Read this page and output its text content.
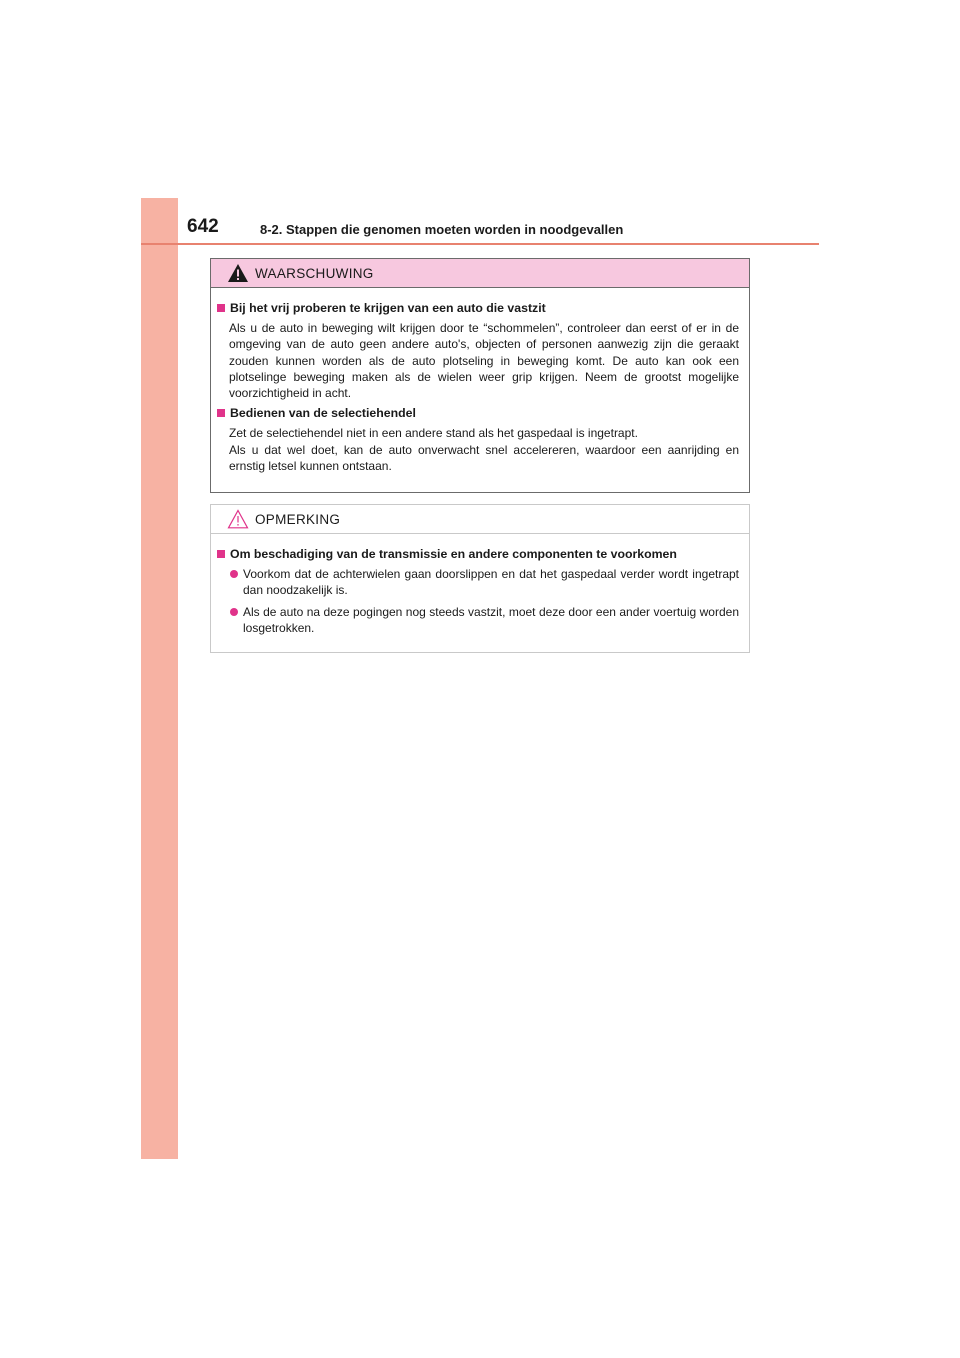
642	8-2. Stappen die genomen moeten worden in noodgevallen
WAARSCHUWING
Bij het vrij proberen te krijgen van een auto die vastzit

Als u de auto in beweging wilt krijgen door te “schommelen”, controleer dan eerst of er in de omgeving van de auto geen andere auto's, objecten of personen aanwezig zijn die geraakt zouden kunnen worden als de auto plotseling in beweging komt. De auto kan ook een plotselinge beweging maken als de wielen weer grip krijgen. Neem de grootst mogelijke voorzichtigheid in acht.

Bedienen van de selectiehendel

Zet de selectiehendel niet in een andere stand als het gaspedaal is ingetrapt.

Als u dat wel doet, kan de auto onverwacht snel accelereren, waardoor een aanrijding en ernstig letsel kunnen ontstaan.

OPMERKING
Om beschadiging van de transmissie en andere componenten te voorkomen

Voorkom dat de achterwielen gaan doorslippen en dat het gaspedaal verder wordt ingetrapt dan noodzakelijk is.

Als de auto na deze pogingen nog steeds vastzit, moet deze door een ander voertuig worden losgetrokken.
